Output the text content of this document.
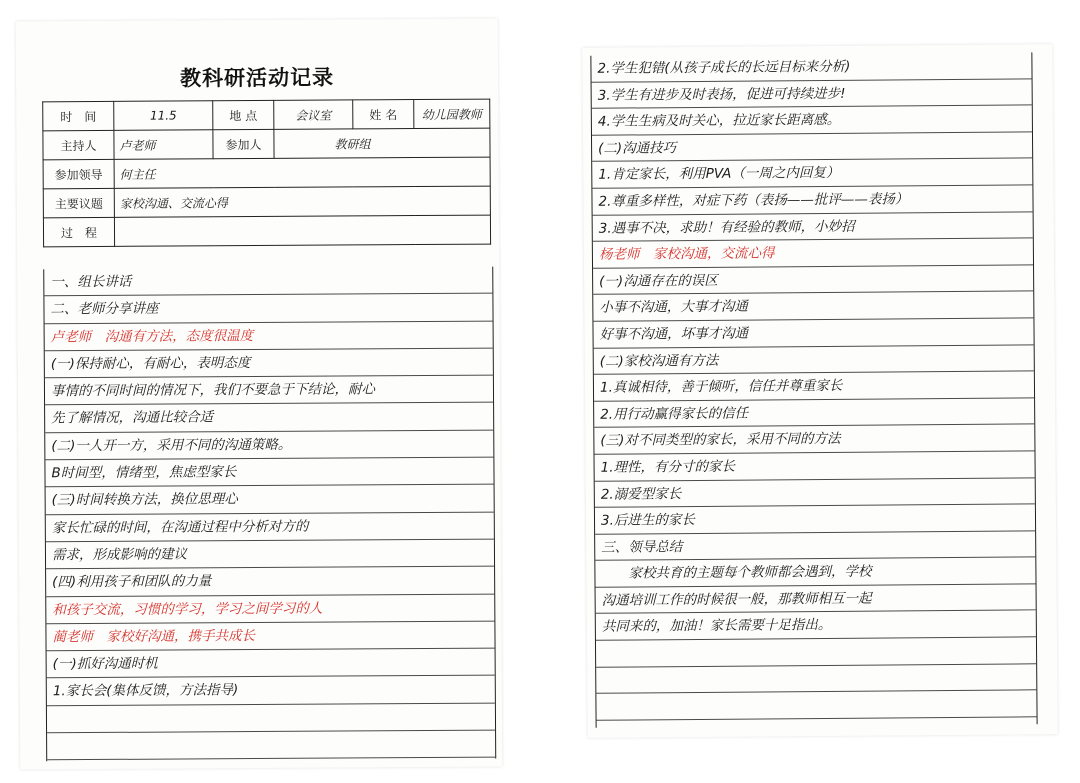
教科研活动记录
时　间	11.5	地 点	会议室	姓 名	幼儿园教师
主持人	卢老师	参加人	教研组		
参加领导	何主任				
主要议题	家校沟通、交流心得				
过　程					
一、组长讲话
二、老师分享讲座
卢老师　沟通有方法，态度很温度
(一)保持耐心，有耐心，表明态度
事情的不同时间的情况下，我们不要急于下结论，耐心
先了解情况，沟通比较合适
(二)一人开一方，采用不同的沟通策略。
B时间型，情绪型，焦虑型家长
(三)时间转换方法，换位思理心
家长忙碌的时间，在沟通过程中分析对方的
需求，形成影响的建议
(四)利用孩子和团队的力量
和孩子交流，习惯的学习，学习之间学习的人
蔺老师　家校好沟通，携手共成长
(一)抓好沟通时机
1.家长会(集体反馈，方法指导)
2.学生犯错(从孩子成长的长远目标来分析)
3.学生有进步及时表扬，促进可持续进步!
4.学生生病及时关心，拉近家长距离感。
(二)沟通技巧
1.肯定家长，利用PVA（一周之内回复）
2.尊重多样性，对症下药（表扬——批评——表扬）
3.遇事不决，求助！有经验的教师，小妙招
杨老师　家校沟通，交流心得
(一)沟通存在的误区
小事不沟通，大事才沟通
好事不沟通，坏事才沟通
(二)家校沟通有方法
1.真诚相待，善于倾听，信任并尊重家长
2.用行动赢得家长的信任
(三)对不同类型的家长，采用不同的方法
1.理性，有分寸的家长
2.溺爱型家长
3.后进生的家长
三、领导总结
　　家校共育的主题每个教师都会遇到，学校
沟通培训工作的时候很一般，那教师相互一起
共同来的，加油！家长需要十足指出。
